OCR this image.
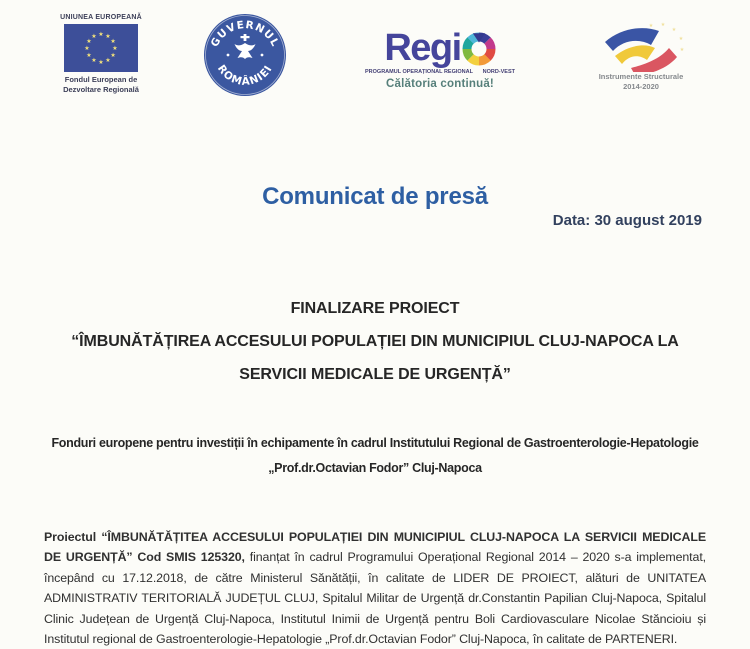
UNIUNEA EUROPEANĂ
★ ★
★
★
★
★
★
★
★
★
★
★
Fondul European de
Dezvoltare Regională
GUVERNUL
ROMÂNIEI	Regi
PROGRAMUL OPERAȚIONAL REGIONAL NORD-VEST
Călătoria continuă!
★ ★
★
★
★
Instrumente Structurale
2014-2020
Comunicat de presă
Data: 30 august 2019
FINALIZARE PROIECT
“ÎMBUNĂTĂȚIREA ACCESULUI POPULAȚIEI DIN MUNICIPIUL CLUJ-NAPOCA LA SERVICII MEDICALE DE URGENȚĂ”
Fonduri europene pentru investiții în echipamente în cadrul Institutului Regional de Gastroenterologie-Hepatologie „Prof.dr.Octavian Fodor” Cluj-Napoca
Proiectul “ÎMBUNĂTĂȚITEA ACCESULUI POPULAȚIEI DIN MUNICIPIUL CLUJ-NAPOCA LA SERVICII MEDICALE DE URGENȚĂ” Cod SMIS 125320, finanțat în cadrul Programului Operațional Regional 2014 – 2020 s-a implementat, începând cu 17.12.2018, de către Ministerul Sănătății, în calitate de LIDER DE PROIECT, alături de UNITATEA ADMINISTRATIV TERITORIALĂ JUDEȚUL CLUJ, Spitalul Militar de Urgență dr.Constantin Papilian Cluj-Napoca, Spitalul Clinic Județean de Urgență Cluj-Napoca, Institutul Inimii de Urgență pentru Boli Cardiovasculare Nicolae Stăncioiu și Institutul regional de Gastroenterologie-Hepatologie „Prof.dr.Octavian Fodor” Cluj-Napoca, în calitate de PARTENERI.
